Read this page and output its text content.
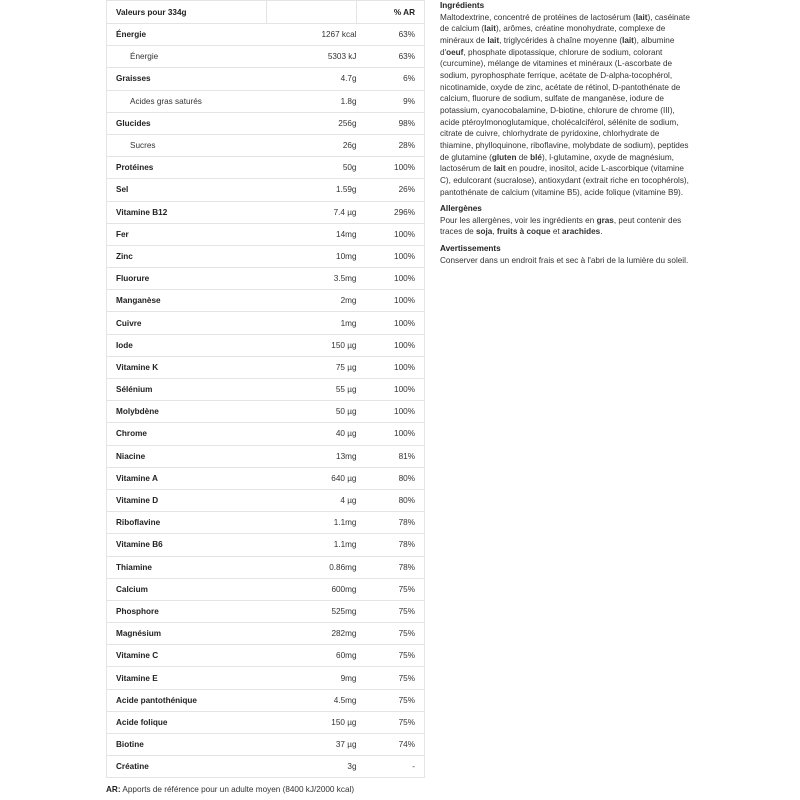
Valeurs pour 334g		% AR
Énergie	1267 kcal	63%
Énergie	5303 kJ	63%
Graisses	4.7g	6%
Acides gras saturés	1.8g	9%
Glucides	256g	98%
Sucres	26g	28%
Protéines	50g	100%
Sel	1.59g	26%
Vitamine B12	7.4 µg	296%
Fer	14mg	100%
Zinc	10mg	100%
Fluorure	3.5mg	100%
Manganèse	2mg	100%
Cuivre	1mg	100%
Iode	150 µg	100%
Vitamine K	75 µg	100%
Sélénium	55 µg	100%
Molybdène	50 µg	100%
Chrome	40 µg	100%
Niacine	13mg	81%
Vitamine A	640 µg	80%
Vitamine D	4 µg	80%
Riboflavine	1.1mg	78%
Vitamine B6	1.1mg	78%
Thiamine	0.86mg	78%
Calcium	600mg	75%
Phosphore	525mg	75%
Magnésium	282mg	75%
Vitamine C	60mg	75%
Vitamine E	9mg	75%
Acide pantothénique	4.5mg	75%
Acide folique	150 µg	75%
Biotine	37 µg	74%
Créatine	3g	-
AR: Apports de référence pour un adulte moyen (8400 kJ/2000 kcal)
Ingrédients

Maltodextrine, concentré de protéines de lactosérum (lait), caséinate de calcium (lait), arômes, créatine monohydrate, complexe de minéraux de lait, triglycérides à chaîne moyenne (lait), albumine d'oeuf, phosphate dipotassique, chlorure de sodium, colorant (curcumine), mélange de vitamines et minéraux (L-ascorbate de sodium, pyrophosphate ferrique, acétate de D-alpha-tocophérol, nicotinamide, oxyde de zinc, acétate de rétinol, D-pantothénate de calcium, fluorure de sodium, sulfate de manganèse, iodure de potassium, cyanocobalamine, D-biotine, chlorure de chrome (III), acide ptéroylmonoglutamique, cholécalciférol, sélénite de sodium, citrate de cuivre, chlorhydrate de pyridoxine, chlorhydrate de thiamine, phylloquinone, riboflavine, molybdate de sodium), peptides de glutamine (gluten de blé), l-glutamine, oxyde de magnésium, lactosérum de lait en poudre, inositol, acide L-ascorbique (vitamine C), edulcorant (sucralose), antioxydant (extrait riche en tocophérols), pantothénate de calcium (vitamine B5), acide folique (vitamine B9).

Allergènes

Pour les allergènes, voir les ingrédients en gras, peut contenir des traces de soja, fruits à coque et arachides.

Avertissements

Conserver dans un endroit frais et sec à l'abri de la lumière du soleil.
